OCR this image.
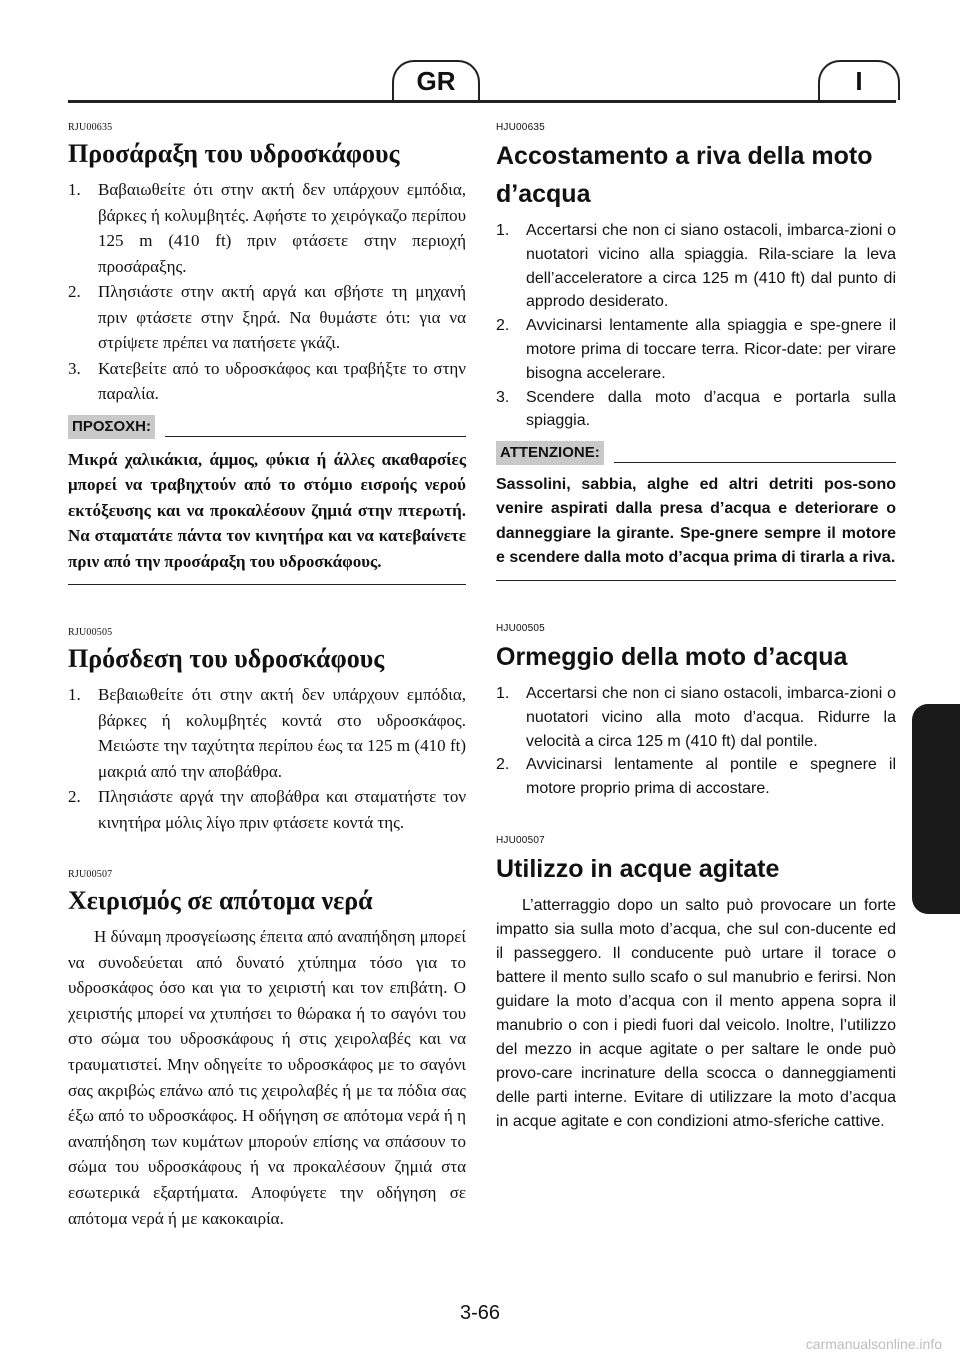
GR	I
RJU00635
Προσάραξη του υδροσκάφους
1. Βαβαιωθείτε ότι στην ακτή δεν υπάρχουν εμπόδια, βάρκες ή κολυμβητές. Αφήστε το χειρόγκαζο περίπου 125 m (410 ft) πριν φτάσετε στην περιοχή προσάραξης.
2. Πλησιάστε στην ακτή αργά και σβήστε τη μηχανή πριν φτάσετε στην ξηρά. Να θυμάστε ότι: για να στρίψετε πρέπει να πατήσετε γκάζι.
3. Κατεβείτε από το υδροσκάφος και τραβήξτε το στην παραλία.
ΠΡΟΣΟΧΗ:

Μικρά χαλικάκια, άμμος, φύκια ή άλλες ακαθαρσίες μπορεί να τραβηχτούν από το στόμιο εισροής νερού εκτόξευσης και να προκαλέσουν ζημιά στην πτερωτή. Να σταματάτε πάντα τον κινητήρα και να κατεβαίνετε πριν από την προσάραξη του υδροσκάφους.

RJU00505
Πρόσδεση του υδροσκάφους
1. Βεβαιωθείτε ότι στην ακτή δεν υπάρχουν εμπόδια, βάρκες ή κολυμβητές κοντά στο υδροσκάφος. Μειώστε την ταχύτητα περίπου έως τα 125 m (410 ft) μακριά από την αποβάθρα.
2. Πλησιάστε αργά την αποβάθρα και σταματήστε τον κινητήρα μόλις λίγο πριν φτάσετε κοντά της.
RJU00507
Χειρισμός σε απότομα νερά

Η δύναμη προσγείωσης έπειτα από αναπήδηση μπορεί να συνοδεύεται από δυνατό χτύπημα τόσο για το υδροσκάφος όσο και για το χειριστή και τον επιβάτη. Ο χειριστής μπορεί να χτυπήσει το θώρακα ή το σαγόνι του στο σώμα του υδροσκάφους ή στις χειρολαβές και να τραυματιστεί. Μην οδηγείτε το υδροσκάφος με το σαγόνι σας ακριβώς επάνω από τις χειρολαβές ή με τα πόδια σας έξω από το υδροσκάφος. Η οδήγηση σε απότομα νερά ή η αναπήδηση των κυμάτων μπορούν επίσης να σπάσουν το σώμα του υδροσκάφους ή να προκαλέσουν ζημιά στα εσωτερικά εξαρτήματα. Αποφύγετε την οδήγηση σε απότομα νερά ή με κακοκαιρία.

HJU00635
Accostamento a riva della moto d’acqua
1. Accertarsi che non ci siano ostacoli, imbarca-zioni o nuotatori vicino alla spiaggia. Rila-sciare la leva dell’acceleratore a circa 125 m (410 ft) dal punto di approdo desiderato.
2. Avvicinarsi lentamente alla spiaggia e spe-gnere il motore prima di toccare terra. Ricor-date: per virare bisogna accelerare.
3. Scendere dalla moto d’acqua e portarla sulla spiaggia.
ATTENZIONE:

Sassolini, sabbia, alghe ed altri detriti pos-sono venire aspirati dalla presa d’acqua e deteriorare o danneggiare la girante. Spe-gnere sempre il motore e scendere dalla moto d’acqua prima di tirarla a riva.

HJU00505
Ormeggio della moto d’acqua
1. Accertarsi che non ci siano ostacoli, imbarca-zioni o nuotatori vicino alla moto d’acqua. Ridurre la velocità a circa 125 m (410 ft) dal pontile.
2. Avvicinarsi lentamente al pontile e spegnere il motore proprio prima di accostare.
HJU00507
Utilizzo in acque agitate

L’atterraggio dopo un salto può provocare un forte impatto sia sulla moto d’acqua, che sul con-ducente ed il passeggero. Il conducente può urtare il torace o battere il mento sullo scafo o sul manubrio e ferirsi. Non guidare la moto d’acqua con il mento appena sopra il manubrio o con i piedi fuori dal veicolo. Inoltre, l’utilizzo del mezzo in acque agitate o per saltare le onde può provo-care incrinature della scocca o danneggiamenti delle parti interne. Evitare di utilizzare la moto d’acqua in acque agitate e con condizioni atmo-sferiche cattive.

3-66
carmanualsonline.info
